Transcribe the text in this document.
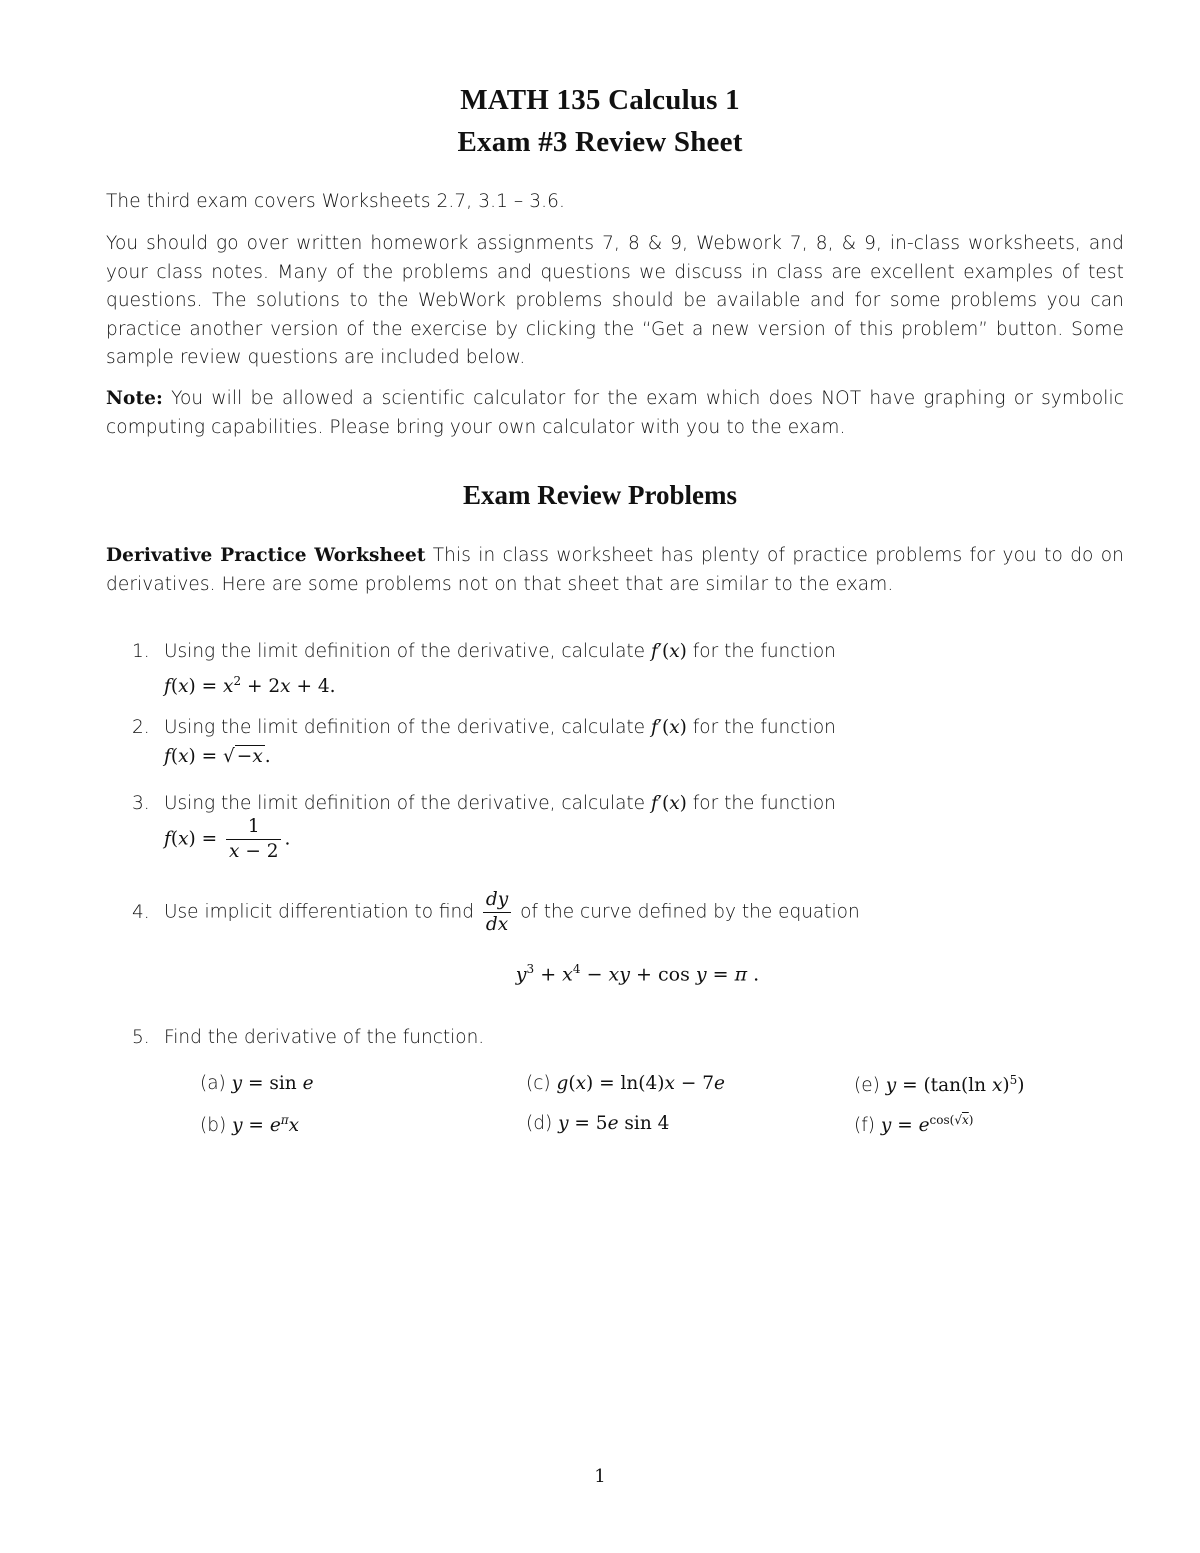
MATH 135 Calculus 1
Exam #3 Review Sheet
The third exam covers Worksheets 2.7, 3.1 – 3.6.
You should go over written homework assignments 7, 8 & 9, Webwork 7, 8, & 9, in-class worksheets, and your class notes. Many of the problems and questions we discuss in class are excellent examples of test questions. The solutions to the WebWork problems should be available and for some problems you can practice another version of the exercise by clicking the “Get a new version of this problem” button. Some sample review questions are included below.
Note: You will be allowed a scientific calculator for the exam which does NOT have graphing or symbolic computing capabilities. Please bring your own calculator with you to the exam.
Exam Review Problems
Derivative Practice Worksheet This in class worksheet has plenty of practice problems for you to do on derivatives. Here are some problems not on that sheet that are similar to the exam.
1. Using the limit definition of the derivative, calculate f′(x) for the function
$f(x) = x^2 + 2x + 4$.
2. Using the limit definition of the derivative, calculate f′(x) for the function
f(x) = √ −x .
3. Using the limit definition of the derivative, calculate f′(x) for the function
$f(x) = \frac{1}{x - 2}$ .
4. Use implicit differentiation to find $\frac{dy}{dx}$ of the curve defined by the equation
$y^3 + x^4$ − xy + cos y = π .
5. Find the derivative of the function.
(a) y = sin e
(b) $y = e^\pi x$
(c) g(x) = ln(4)x − 7e
(d) y = 5e sin 4
(e) y = (tan(ln x)$^5$)
(f) $y = e^{cos(√x)}$
1
